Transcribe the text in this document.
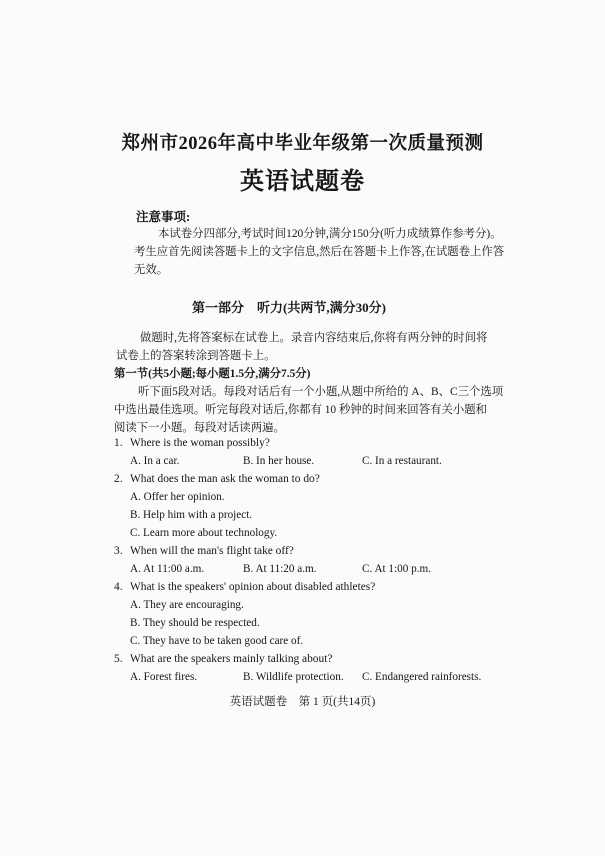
郑州市2026年高中毕业年级第一次质量预测
英语试题卷
注意事项:
本试卷分四部分,考试时间120分钟,满分150分(听力成绩算作参考分)。
考生应首先阅读答题卡上的文字信息,然后在答题卡上作答,在试题卷上作答
无效。
第一部分　听力(共两节,满分30分)
做题时,先将答案标在试卷上。录音内容结束后,你将有两分钟的时间将
试卷上的答案转涂到答题卡上。
第一节(共5小题;每小题1.5分,满分7.5分)
听下面5段对话。每段对话后有一个小题,从题中所给的 A、B、C三个选项
中选出最佳选项。听完每段对话后,你都有 10 秒钟的时间来回答有关小题和
阅读下一小题。每段对话读两遍。
1. Where is the woman possibly?
A. In a car.	B. In her house.	C. In a restaurant.
2. What does the man ask the woman to do?
A. Offer her opinion.
B. Help him with a project.
C. Learn more about technology.
3. When will the man's flight take off?
A. At 11:00 a.m.	B. At 11:20 a.m.	C. At 1:00 p.m.
4. What is the speakers' opinion about disabled athletes?
A. They are encouraging.
B. They should be respected.
C. They have to be taken good care of.
5. What are the speakers mainly talking about?
A. Forest fires.	B. Wildlife protection. C. Endangered rainforests.
英语试题卷　第 1 页(共14页)
